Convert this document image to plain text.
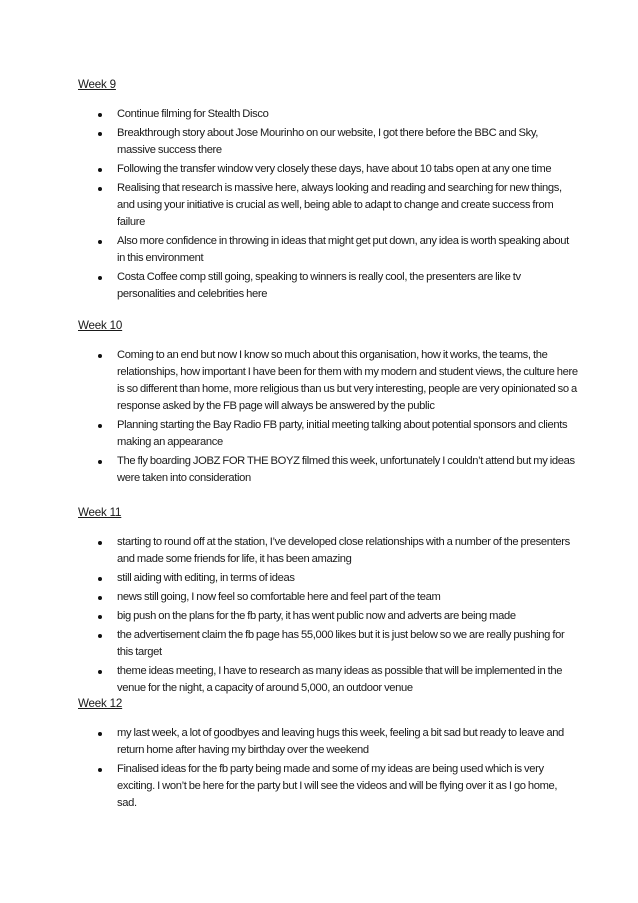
Week 9
Continue filming for Stealth Disco
Breakthrough story about Jose Mourinho on our website, I got there before the BBC and Sky, massive success there
Following the transfer window very closely these days, have about 10 tabs open at any one time
Realising that research is massive here, always looking and reading and searching for new things, and using your initiative is crucial as well, being able to adapt to change and create success from failure
Also more confidence in throwing in ideas that might get put down, any idea is worth speaking about in this environment
Costa Coffee comp still going, speaking to winners is really cool, the presenters are like tv personalities and celebrities here
Week 10
Coming to an end but now I know so much about this organisation, how it works, the teams, the relationships, how important I have been for them with my modern and student views, the culture here is so different than home, more religious than us but very interesting, people are very opinionated so a response asked by the FB page will always be answered by the public
Planning starting the Bay Radio FB party, initial meeting talking about potential sponsors and clients making an appearance
The fly boarding JOBZ FOR THE BOYZ filmed this week, unfortunately I couldn’t attend but my ideas were taken into consideration
Week 11
starting to round off at the station, I’ve developed close relationships with a number of the presenters and made some friends for life, it has been amazing
still aiding with editing, in terms of ideas
news still going, I now feel so comfortable here and feel part of the team
big push on the plans for the fb party, it has went public now and adverts are being made
the advertisement claim the fb page has 55,000 likes but it is just below so we are really pushing for this target
theme ideas meeting, I have to research as many ideas as possible that will be implemented in the venue for the night, a capacity of around 5,000, an outdoor venue
Week 12
my last week, a lot of goodbyes and leaving hugs this week, feeling a bit sad but ready to leave and return home after having my birthday over the weekend
Finalised ideas for the fb party being made and some of my ideas are being used which is very exciting. I won’t be here for the party but I will see the videos and will be flying over it as I go home, sad.
